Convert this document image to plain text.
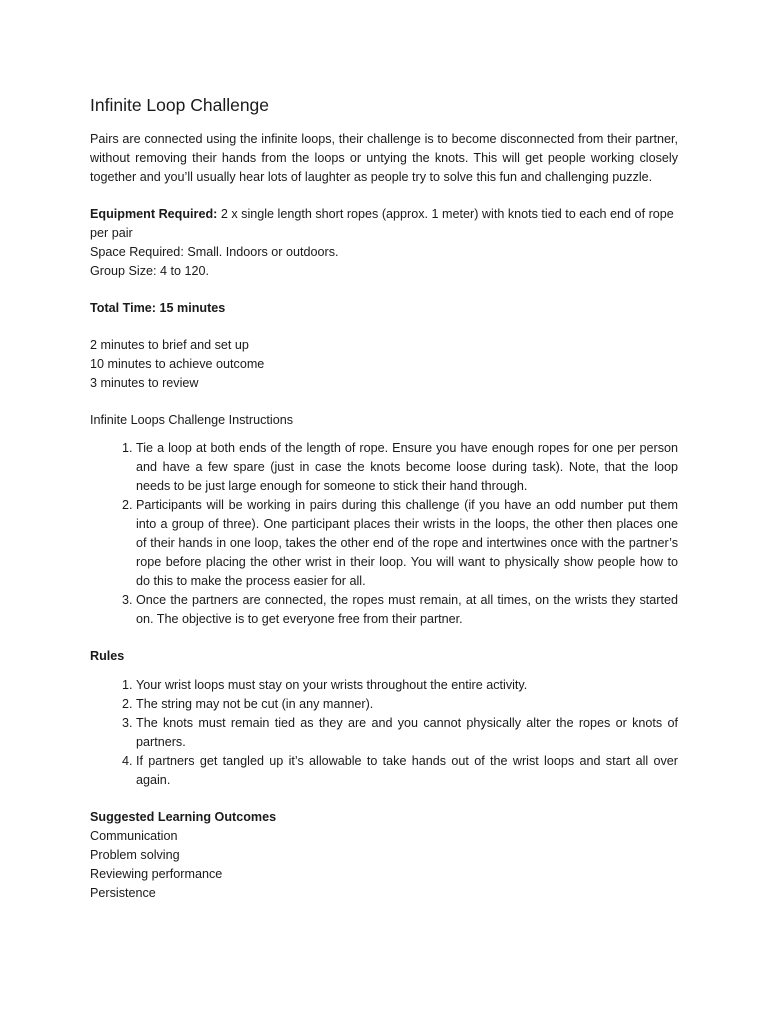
Infinite Loop Challenge

Pairs are connected using the infinite loops, their challenge is to become disconnected from their partner, without removing their hands from the loops or untying the knots. This will get people working closely together and you’ll usually hear lots of laughter as people try to solve this fun and challenging puzzle.

Equipment Required: 2 x single length short ropes (approx. 1 meter) with knots tied to each end of rope per pair

Space Required: Small. Indoors or outdoors.

Group Size: 4 to 120.

Total Time: 15 minutes

2 minutes to brief and set up

10 minutes to achieve outcome

3 minutes to review

Infinite Loops Challenge Instructions

1. Tie a loop at both ends of the length of rope. Ensure you have enough ropes for one per person and have a few spare (just in case the knots become loose during task). Note, that the loop needs to be just large enough for someone to stick their hand through.
2. Participants will be working in pairs during this challenge (if you have an odd number put them into a group of three). One participant places their wrists in the loops, the other then places one of their hands in one loop, takes the other end of the rope and intertwines once with the partner’s rope before placing the other wrist in their loop. You will want to physically show people how to do this to make the process easier for all.
3. Once the partners are connected, the ropes must remain, at all times, on the wrists they started on. The objective is to get everyone free from their partner.

Rules

1. Your wrist loops must stay on your wrists throughout the entire activity.
2. The string may not be cut (in any manner).
3. The knots must remain tied as they are and you cannot physically alter the ropes or knots of partners.
4. If partners get tangled up it’s allowable to take hands out of the wrist loops and start all over again.

Suggested Learning Outcomes

Communication

Problem solving

Reviewing performance

Persistence
